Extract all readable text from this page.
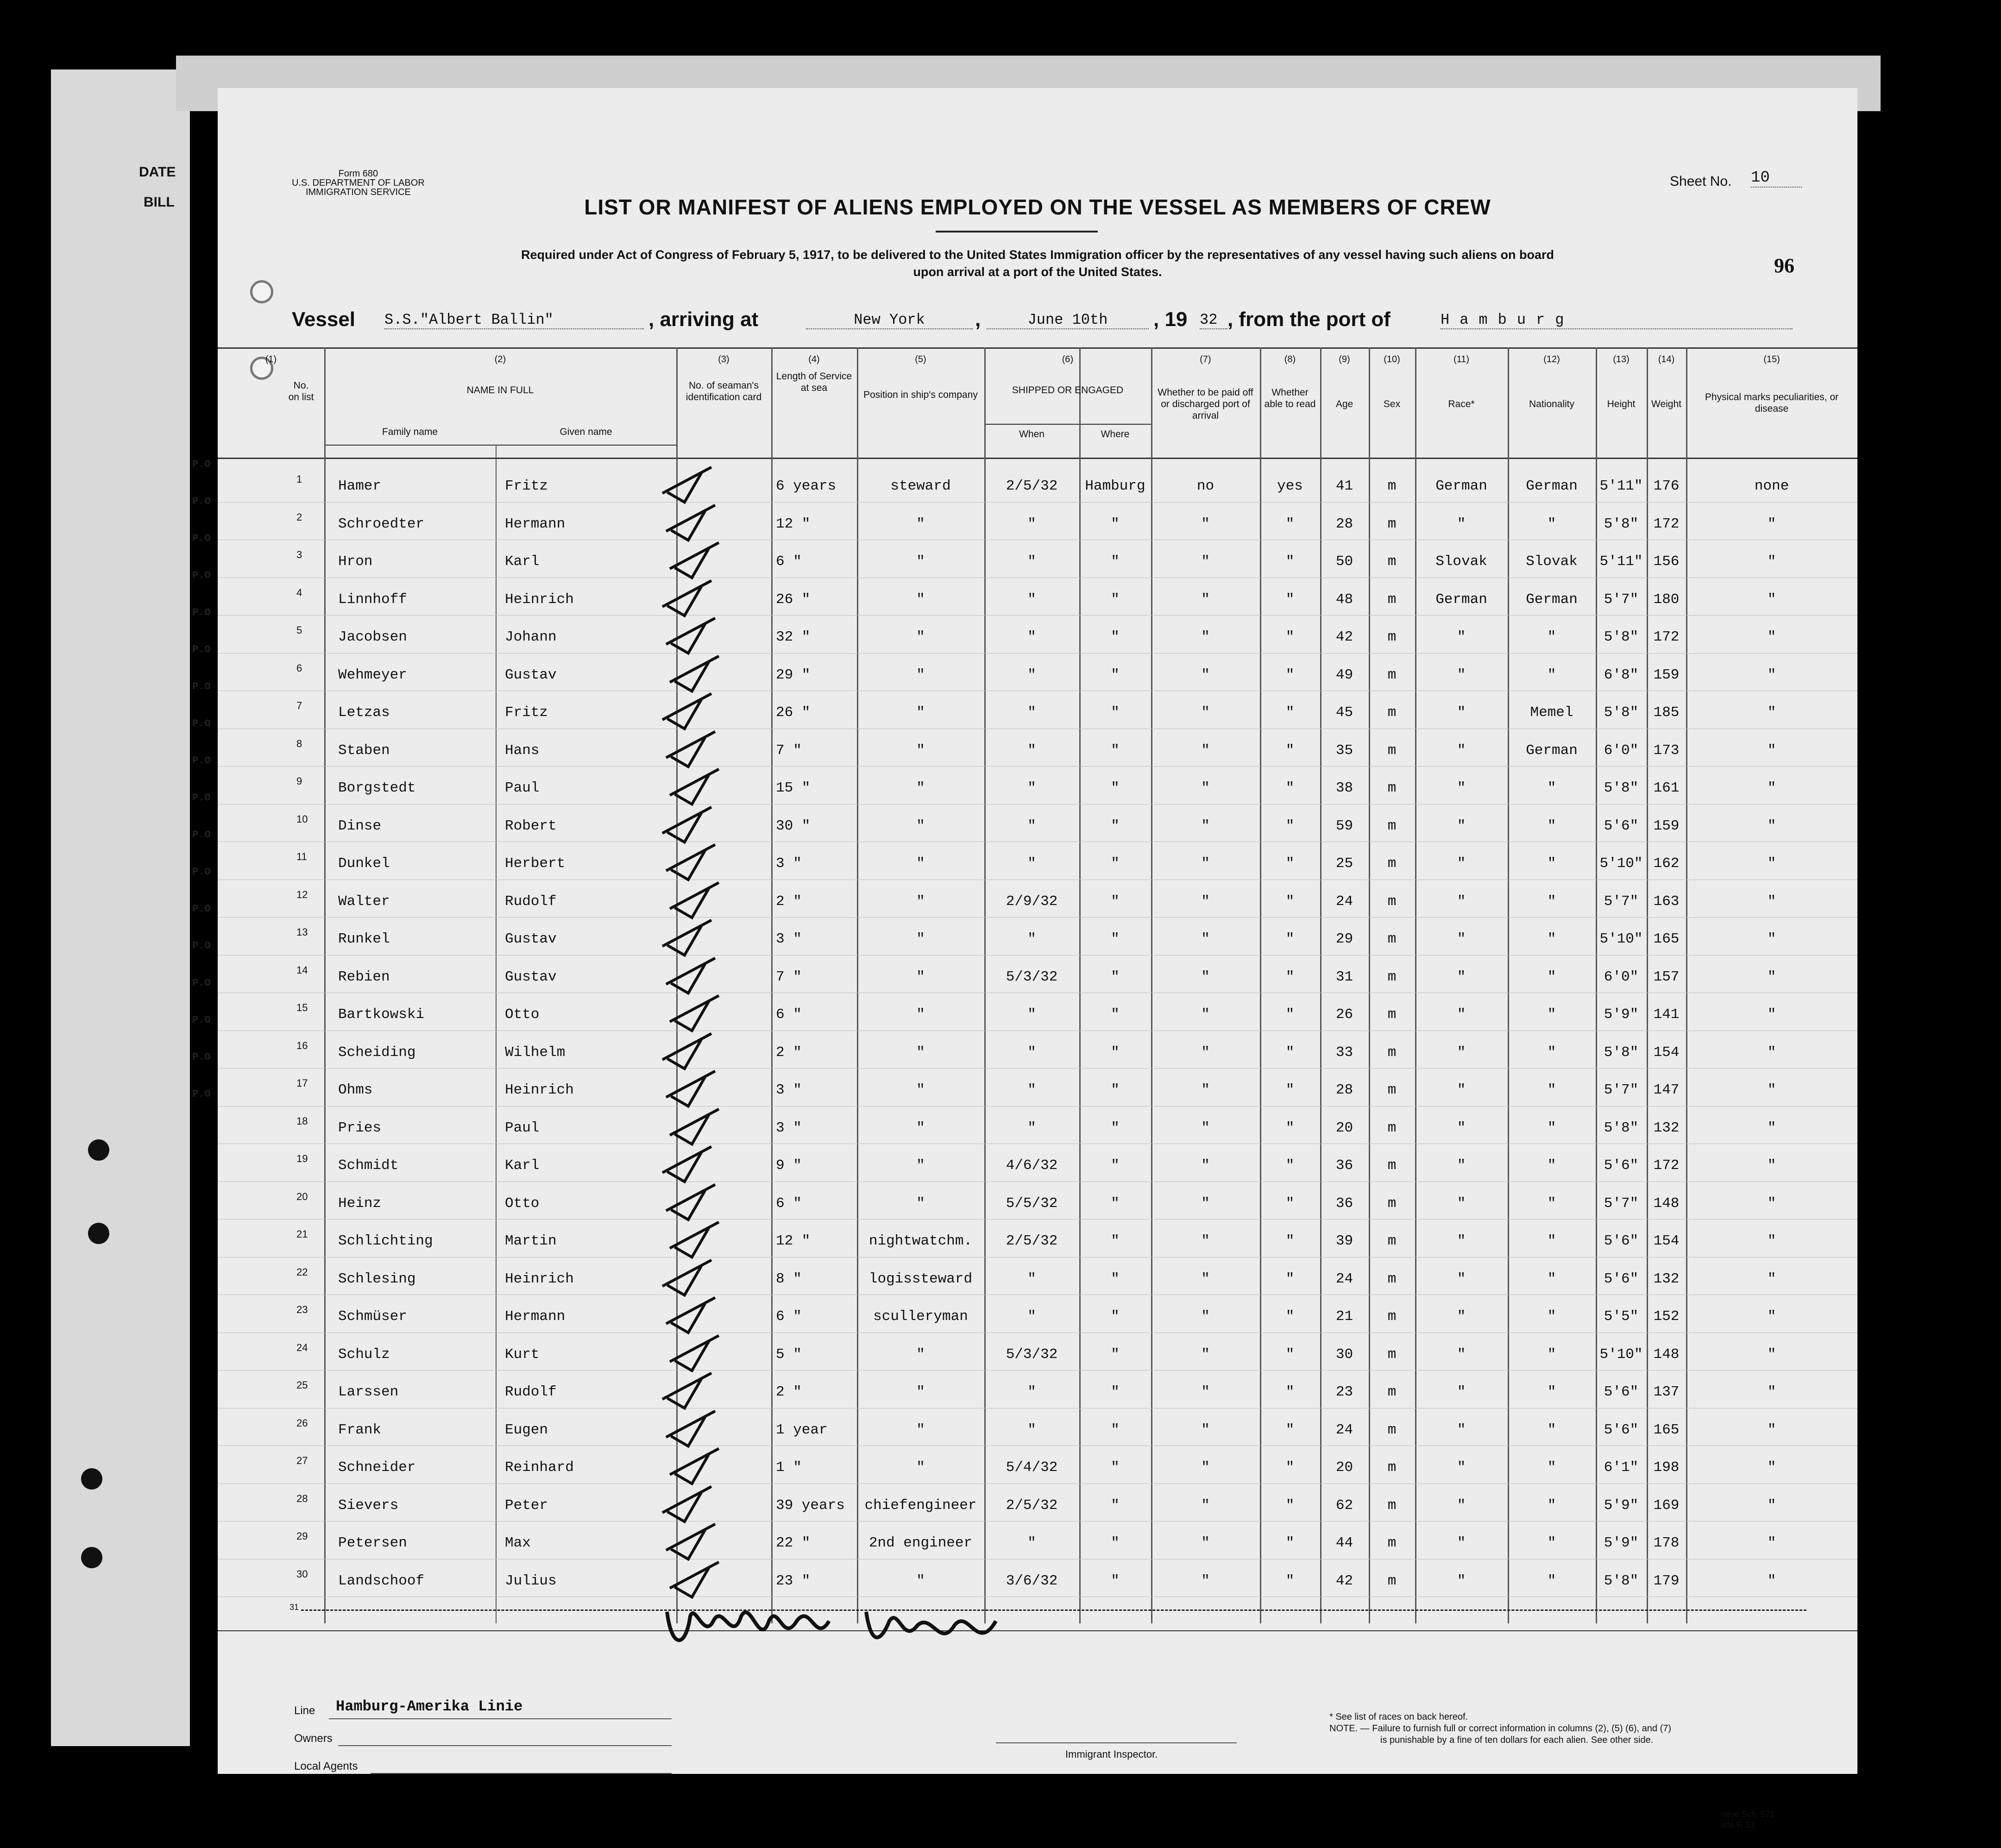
DATE
BILL
P.O
P.O
P.O
P.O
P.O
P.O
P.O
P.O
P.O
P.O
P.O
P.O
P.O
P.O
P.O
P.O
P.O
P.O
Form 680
U.S. DEPARTMENT OF LABOR
IMMIGRATION SERVICE
Sheet No. 10
LIST OR MANIFEST OF ALIENS EMPLOYED ON THE VESSEL AS MEMBERS OF CREW
Required under Act of Congress of February 5, 1917, to be delivered to the United States Immigration officer by the representatives of any vessel having such aliens on board
upon arrival at a port of the United States.	96
Vessel S.S."Albert Ballin"	, arriving at	New York	,	June 10th	, 19 32 , from the port of	Hamburg
(1)
No. on list
(2)
NAME IN FULL
(3)
No. of seaman's identification card
(4)
Length of Service at sea
(5)
Position in ship's company
(6)
SHIPPED OR ENGAGED
(7)
Whether to be paid off or discharged port of arrival
(8)
Whether able to read
(9)
Age
(10)
Sex
(11)
Race*
(12)
Nationality
(13)
Height
(14)
Weight
(15)
Physical marks peculiarities, or disease
Family name	Given name	When	Where
1	Hamer	Fritz	6 years	steward	2/5/32	Hamburg	no	yes	41	m	German	German	5'11" 176	none
2	Schroedter	Hermann	12 "	"	"	"	"	"	28	m	"	"	5'8"	172	"
3	Hron	Karl	6 "	"	"	"	"	"	50	m	Slovak	Slovak	5'11" 156	"
4	Linnhoff	Heinrich	26 "	"	"	"	"	"	48	m	German	German	5'7"	180	"
5	Jacobsen	Johann	32 "	"	"	"	"	"	42	m	"	"	5'8"	172	"
6	Wehmeyer	Gustav	29 "	"	"	"	"	"	49	m	"	"	6'8"	159	"
7	Letzas	Fritz	26 "	"	"	"	"	"	45	m	"	Memel	5'8"	185	"
8	Staben	Hans	7 "	"	"	"	"	"	35	m	"	German	6'0"	173	"
9	Borgstedt	Paul	15 "	"	"	"	"	"	38	m	"	"	5'8"	161	"
10 Dinse	Robert	30 "	"	"	"	"	"	59	m	"	"	5'6"	159	"
11 Dunkel	Herbert	3 "	"	"	"	"	"	25	m	"	"	5'10" 162	"
12 Walter	Rudolf	2 "	"	2/9/32	"	"	"	24	m	"	"	5'7"	163	"
13 Runkel	Gustav	3 "	"	"	"	"	"	29	m	"	"	5'10" 165	"
14 Rebien	Gustav	7 "	"	5/3/32	"	"	"	31	m	"	"	6'0"	157	"
15 Bartkowski	Otto	6 "	"	"	"	"	"	26	m	"	"	5'9"	141	"
16 Scheiding	Wilhelm	2 "	"	"	"	"	"	33	m	"	"	5'8"	154	"
17 Ohms	Heinrich	3 "	"	"	"	"	"	28	m	"	"	5'7"	147	"
18 Pries	Paul	3 "	"	"	"	"	"	20	m	"	"	5'8"	132	"
19 Schmidt	Karl	9 "	"	4/6/32	"	"	"	36	m	"	"	5'6"	172	"
20 Heinz	Otto	6 "	"	5/5/32	"	"	"	36	m	"	"	5'7"	148	"
21 Schlichting	Martin	12 "	nightwatchm.	2/5/32	"	"	"	39	m	"	"	5'6"	154	"
22 Schlesing	Heinrich	8 "	logissteward	"	"	"	"	24	m	"	"	5'6"	132	"
23 Schmüser	Hermann	6 "	sculleryman	"	"	"	"	21	m	"	"	5'5"	152	"
24 Schulz	Kurt	5 "	"	5/3/32	"	"	"	30	m	"	"	5'10" 148	"
25 Larssen	Rudolf	2 "	"	"	"	"	"	23	m	"	"	5'6"	137	"
26 Frank	Eugen	1 year	"	"	"	"	"	24	m	"	"	5'6"	165	"
27 Schneider	Reinhard	1 "	"	5/4/32	"	"	"	20	m	"	"	6'1"	198	"
28 Sievers	Peter	39 years	chiefengineer	2/5/32	"	"	"	62	m	"	"	5'9"	169	"
29 Petersen	Max	22 "	2nd engineer	"	"	"	"	44	m	"	"	5'9"	178	"
30 Landschoof	Julius	23 "	"	3/6/32	"	"	"	42	m	"	"	5'8"	179	"
31
Line Hamburg-Amerika Linie
Owners
Local Agents
Immigrant Inspector.
* See list of races on back hereof.
NOTE. — Failure to furnish full or correct information in columns (2), (5) (6), and (7)
is punishable by a fine of ten dollars for each alien. See other side.
neue Sch. 571
alte F. 53
